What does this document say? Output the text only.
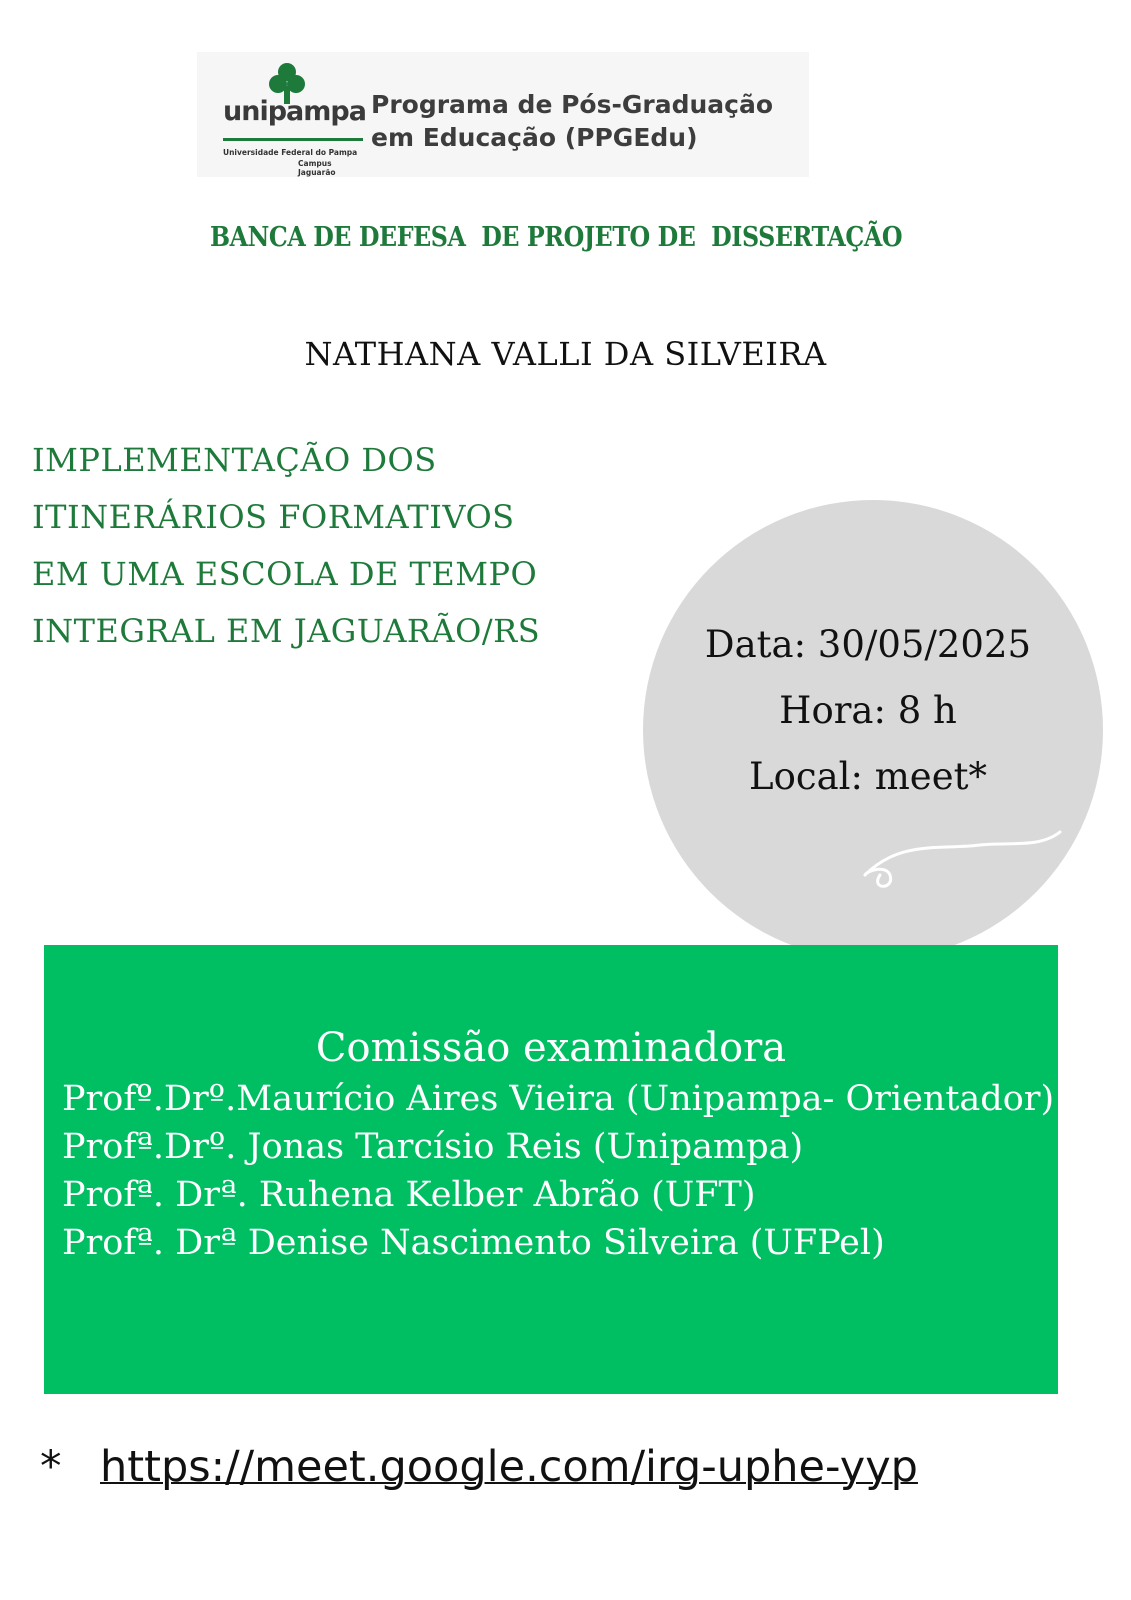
unipampa
Universidade Federal do Pampa
Campus Jaguarão
Programa de Pós-Graduação
em Educação (PPGEdu)
BANCA DE DEFESA  DE PROJETO DE  DISSERTAÇÃO
NATHANA VALLI DA SILVEIRA
IMPLEMENTAÇÃO DOS
ITINERÁRIOS FORMATIVOS
EM UMA ESCOLA DE TEMPO
INTEGRAL EM JAGUARÃO/RS	Data: 30/05/2025
Hora: 8 h
Local: meet*
Comissão examinadora
Profº.Drº.Maurício Aires Vieira (Unipampa- Orientador)
Profª.Drº. Jonas Tarcísio Reis (Unipampa)
Profª. Drª. Ruhena Kelber Abrão (UFT)
Profª. Drª Denise Nascimento Silveira (UFPel)
* https://meet.google.com/irg-uphe-yyp
